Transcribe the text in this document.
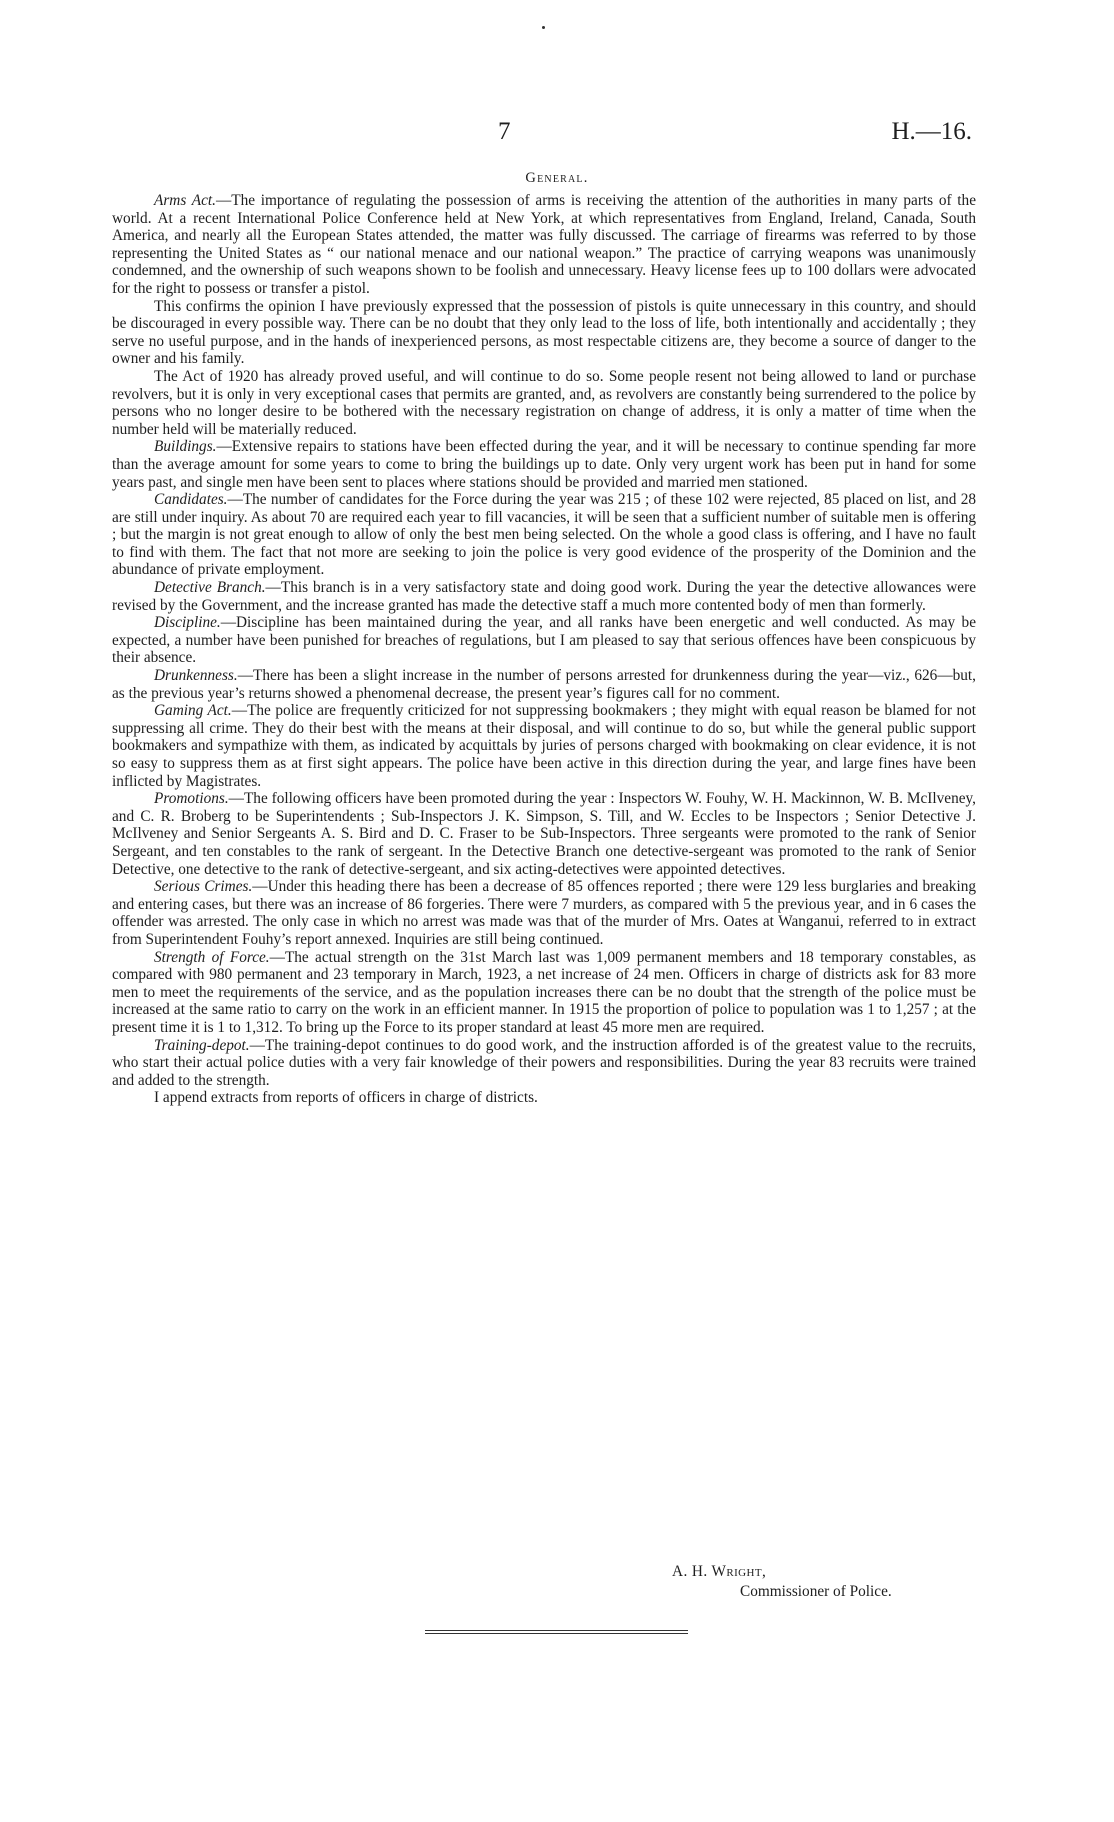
7	H.—16.
General.

Arms Act.—The importance of regulating the possession of arms is receiving the attention of the authorities in many parts of the world. At a recent International Police Conference held at New York, at which representatives from England, Ireland, Canada, South America, and nearly all the European States attended, the matter was fully discussed. The carriage of firearms was referred to by those representing the United States as “ our national menace and our national weapon.” The practice of carrying weapons was unanimously condemned, and the ownership of such weapons shown to be foolish and unnecessary. Heavy license fees up to 100 dollars were advocated for the right to possess or transfer a pistol.

This confirms the opinion I have previously expressed that the possession of pistols is quite unnecessary in this country, and should be discouraged in every possible way. There can be no doubt that they only lead to the loss of life, both intentionally and accidentally ; they serve no useful purpose, and in the hands of inexperienced persons, as most respectable citizens are, they become a source of danger to the owner and his family.

The Act of 1920 has already proved useful, and will continue to do so. Some people resent not being allowed to land or purchase revolvers, but it is only in very exceptional cases that permits are granted, and, as revolvers are constantly being surrendered to the police by persons who no longer desire to be bothered with the necessary registration on change of address, it is only a matter of time when the number held will be materially reduced.

Buildings.—Extensive repairs to stations have been effected during the year, and it will be necessary to continue spending far more than the average amount for some years to come to bring the buildings up to date. Only very urgent work has been put in hand for some years past, and single men have been sent to places where stations should be provided and married men stationed.

Candidates.—The number of candidates for the Force during the year was 215 ; of these 102 were rejected, 85 placed on list, and 28 are still under inquiry. As about 70 are required each year to fill vacancies, it will be seen that a sufficient number of suitable men is offering ; but the margin is not great enough to allow of only the best men being selected. On the whole a good class is offering, and I have no fault to find with them. The fact that not more are seeking to join the police is very good evidence of the prosperity of the Dominion and the abundance of private employment.

Detective Branch.—This branch is in a very satisfactory state and doing good work. During the year the detective allowances were revised by the Government, and the increase granted has made the detective staff a much more contented body of men than formerly.

Discipline.—Discipline has been maintained during the year, and all ranks have been energetic and well conducted. As may be expected, a number have been punished for breaches of regulations, but I am pleased to say that serious offences have been conspicuous by their absence.

Drunkenness.—There has been a slight increase in the number of persons arrested for drunkenness during the year—viz., 626—but, as the previous year’s returns showed a phenomenal decrease, the present year’s figures call for no comment.

Gaming Act.—The police are frequently criticized for not suppressing bookmakers ; they might with equal reason be blamed for not suppressing all crime. They do their best with the means at their disposal, and will continue to do so, but while the general public support bookmakers and sympathize with them, as indicated by acquittals by juries of persons charged with bookmaking on clear evidence, it is not so easy to suppress them as at first sight appears. The police have been active in this direction during the year, and large fines have been inflicted by Magistrates.

Promotions.—The following officers have been promoted during the year : Inspectors W. Fouhy, W. H. Mackinnon, W. B. McIlveney, and C. R. Broberg to be Superintendents ; Sub-Inspectors J. K. Simpson, S. Till, and W. Eccles to be Inspectors ; Senior Detective J. McIlveney and Senior Sergeants A. S. Bird and D. C. Fraser to be Sub-Inspectors. Three sergeants were promoted to the rank of Senior Sergeant, and ten constables to the rank of sergeant. In the Detective Branch one detective-sergeant was promoted to the rank of Senior Detective, one detective to the rank of detective-sergeant, and six acting-detectives were appointed detectives.

Serious Crimes.—Under this heading there has been a decrease of 85 offences reported ; there were 129 less burglaries and breaking and entering cases, but there was an increase of 86 forgeries. There were 7 murders, as compared with 5 the previous year, and in 6 cases the offender was arrested. The only case in which no arrest was made was that of the murder of Mrs. Oates at Wanganui, referred to in extract from Superintendent Fouhy’s report annexed. Inquiries are still being continued.

Strength of Force.—The actual strength on the 31st March last was 1,009 permanent members and 18 temporary constables, as compared with 980 permanent and 23 temporary in March, 1923, a net increase of 24 men. Officers in charge of districts ask for 83 more men to meet the requirements of the service, and as the population increases there can be no doubt that the strength of the police must be increased at the same ratio to carry on the work in an efficient manner. In 1915 the proportion of police to population was 1 to 1,257 ; at the present time it is 1 to 1,312. To bring up the Force to its proper standard at least 45 more men are required.

Training-depot.—The training-depot continues to do good work, and the instruction afforded is of the greatest value to the recruits, who start their actual police duties with a very fair knowledge of their powers and responsibilities. During the year 83 recruits were trained and added to the strength.

I append extracts from reports of officers in charge of districts.

A. H. Wright,
Commissioner of Police.
